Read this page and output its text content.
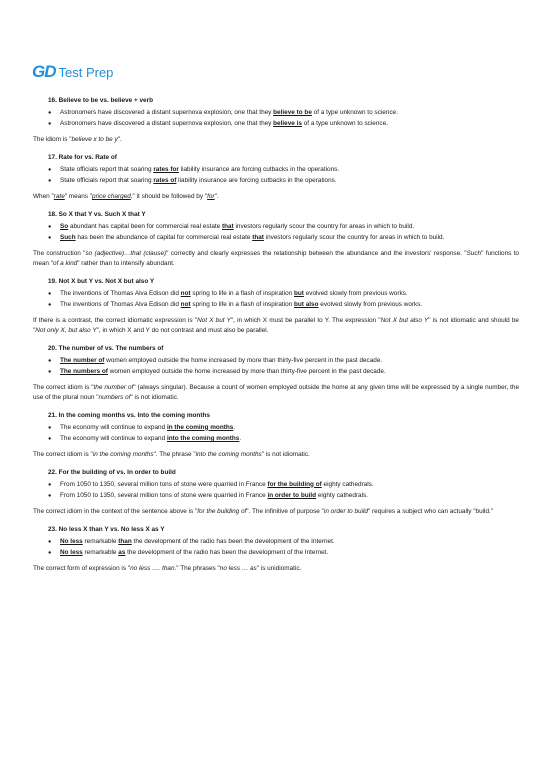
GD Test Prep
16. Believe to be vs. believe + verb
● Astronomers have discovered a distant supernova explosion, one that they believe to be of a type unknown to science.
● Astronomers have discovered a distant supernova explosion, one that they believe is of a type unknown to science.
The idiom is "believe x to be y".
17. Rate for vs. Rate of
● State officials report that soaring rates for liability insurance are forcing cutbacks in the operations.
● State officials report that soaring rates of liability insurance are forcing cutbacks in the operations.
When "rate" means "price charged," it should be followed by "for".
18. So X that Y vs. Such X that Y
● So abundant has capital been for commercial real estate that investors regularly scour the country for areas in which to build.
● Such has been the abundance of capital for commercial real estate that investors regularly scour the country for areas in which to build.
The construction "so (adjective)…that (clause)" correctly and clearly expresses the relationship between the abundance and the investors' response. "Such" functions to mean "of a kind" rather than to intensify abundant.
19. Not X but Y vs. Not X but also Y
● The inventions of Thomas Alva Edison did not spring to life in a flash of inspiration but evolved slowly from previous works.
● The inventions of Thomas Alva Edison did not spring to life in a flash of inspiration but also evolved slowly from previous works.
If there is a contrast, the correct idiomatic expression is "Not X but Y", in which X must be parallel to Y. The expression "Not X but also Y" is not idiomatic and should be "Not only X, but also Y", in which X and Y do not contrast and must also be parallel.
20. The number of vs. The numbers of
● The number of women employed outside the home increased by more than thirty-five percent in the past decade.
● The numbers of women employed outside the home increased by more than thirty-five percent in the past decade.
The correct idiom is "the number of" (always singular). Because a count of women employed outside the home at any given time will be expressed by a single number, the use of the plural noun "numbers of" is not idiomatic.
21. In the coming months vs. Into the coming months
● The economy will continue to expand in the coming months.
● The economy will continue to expand into the coming months.
The correct idiom is "in the coming months". The phrase "into the coming months" is not idiomatic.
22. For the building of vs. In order to build
● From 1050 to 1350, several million tons of stone were quarried in France for the building of eighty cathedrals.
● From 1050 to 1350, several million tons of stone were quarried in France in order to build eighty cathedrals.
The correct idiom in the context of the sentence above is "for the building of". The infinitive of purpose "in order to build" requires a subject who can actually "build."
23. No less X than Y vs. No less X as Y
● No less remarkable than the development of the radio has been the development of the Internet.
● No less remarkable as the development of the radio has been the development of the Internet.
The correct form of expression is "no less …. than." The phrases "no less … as" is unidiomatic.
